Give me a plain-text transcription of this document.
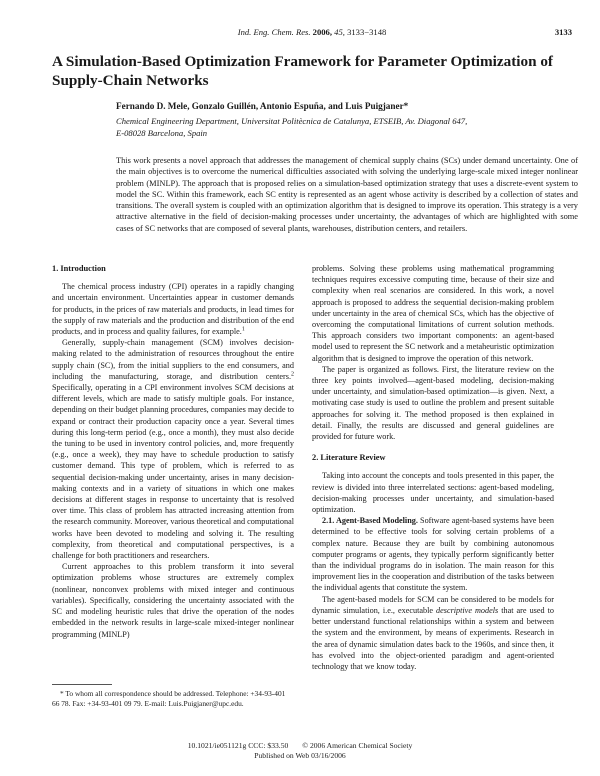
Ind. Eng. Chem. Res. 2006, 45, 3133−3148	3133
A Simulation-Based Optimization Framework for Parameter Optimization of Supply-Chain Networks
Fernando D. Mele, Gonzalo Guillén, Antonio Espuña, and Luis Puigjaner*
Chemical Engineering Department, Universitat Politècnica de Catalunya, ETSEIB, Av. Diagonal 647,
E-08028 Barcelona, Spain

This work presents a novel approach that addresses the management of chemical supply chains (SCs) under demand uncertainty. One of the main objectives is to overcome the numerical difficulties associated with solving the underlying large-scale mixed integer nonlinear problem (MINLP). The approach that is proposed relies on a simulation-based optimization strategy that uses a discrete-event system to model the SC. Within this framework, each SC entity is represented as an agent whose activity is described by a collection of states and transitions. The overall system is coupled with an optimization algorithm that is designed to improve its operation. This strategy is a very attractive alternative in the field of decision-making processes under uncertainty, the advantages of which are highlighted with some cases of SC networks that are composed of several plants, warehouses, distribution centers, and retailers.

1. Introduction

The chemical process industry (CPI) operates in a rapidly changing and uncertain environment. Uncertainties appear in customer demands for products, in the prices of raw materials and products, in lead times for the supply of raw materials and the production and distribution of the end products, and in process and quality failures, for example.$^1$

Generally, supply-chain management (SCM) involves decision-making related to the administration of resources throughout the entire supply chain (SC), from the initial suppliers to the end consumers, and including the manufacturing, storage, and distribution centers.$^2$ Specifically, operating in a CPI environment involves SCM decisions at different levels, which are made to satisfy multiple goals. For instance, depending on their budget planning procedures, companies may decide to expand or contract their production capacity once a year. Several times during this long-term period (e.g., once a month), they must also decide the tuning to be used in inventory control policies, and, more frequently (e.g., once a week), they may have to schedule production to satisfy customer demand. This type of problem, which is referred to as sequential decision-making under uncertainty, arises in many decision-making contexts and in a variety of situations in which one makes decisions at different stages in response to uncertainty that is resolved over time. This class of problem has attracted increasing attention from the research community. Moreover, various theoretical and computational works have been devoted to modeling and solving it. The resulting complexity, from theoretical and computational perspectives, is a challenge for both practitioners and researchers.

Current approaches to this problem transform it into several optimization problems whose structures are extremely complex (nonlinear, nonconvex problems with mixed integer and continuous variables). Specifically, considering the uncertainty associated with the SC and modeling heuristic rules that drive the operation of the nodes embedded in the network results in large-scale mixed-integer nonlinear programming (MINLP)

* To whom all correspondence should be addressed. Telephone: +34-93-401 66 78. Fax: +34-93-401 09 79. E-mail: Luis.Puigjaner@upc.edu.

problems. Solving these problems using mathematical programming techniques requires excessive computing time, because of their size and complexity when real scenarios are considered. In this work, a novel approach is proposed to address the sequential decision-making problem under uncertainty in the area of chemical SCs, which has the objective of overcoming the computational limitations of current solution methods. This approach considers two important components: an agent-based model used to represent the SC network and a metaheuristic optimization algorithm that is designed to improve the operation of this network.

The paper is organized as follows. First, the literature review on the three key points involved—agent-based modeling, decision-making under uncertainty, and simulation-based optimization—is given. Next, a motivating case study is used to outline the problem and present suitable approaches for solving it. The method proposed is then explained in detail. Finally, the results are discussed and general guidelines are provided for future work.

2. Literature Review

Taking into account the concepts and tools presented in this paper, the review is divided into three interrelated sections: agent-based modeling, decision-making processes under uncertainty, and simulation-based optimization.

2.1. Agent-Based Modeling. Software agent-based systems have been determined to be effective tools for solving certain problems of a complex nature. Because they are built by combining autonomous computer programs or agents, they typically perform significantly better than the individual programs do in isolation. The main reason for this improvement lies in the cooperation and distribution of the tasks between the individual agents that constitute the system.

The agent-based models for SCM can be considered to be models for dynamic simulation, i.e., executable descriptive models that are used to better understand functional relationships within a system and between the system and the environment, by means of experiments. Research in the area of dynamic simulation dates back to the 1960s, and since then, it has evolved into the object-oriented paradigm and agent-oriented technology that we know today.

10.1021/ie051121g CCC: $33.50 © 2006 American Chemical Society
Published on Web 03/16/2006
